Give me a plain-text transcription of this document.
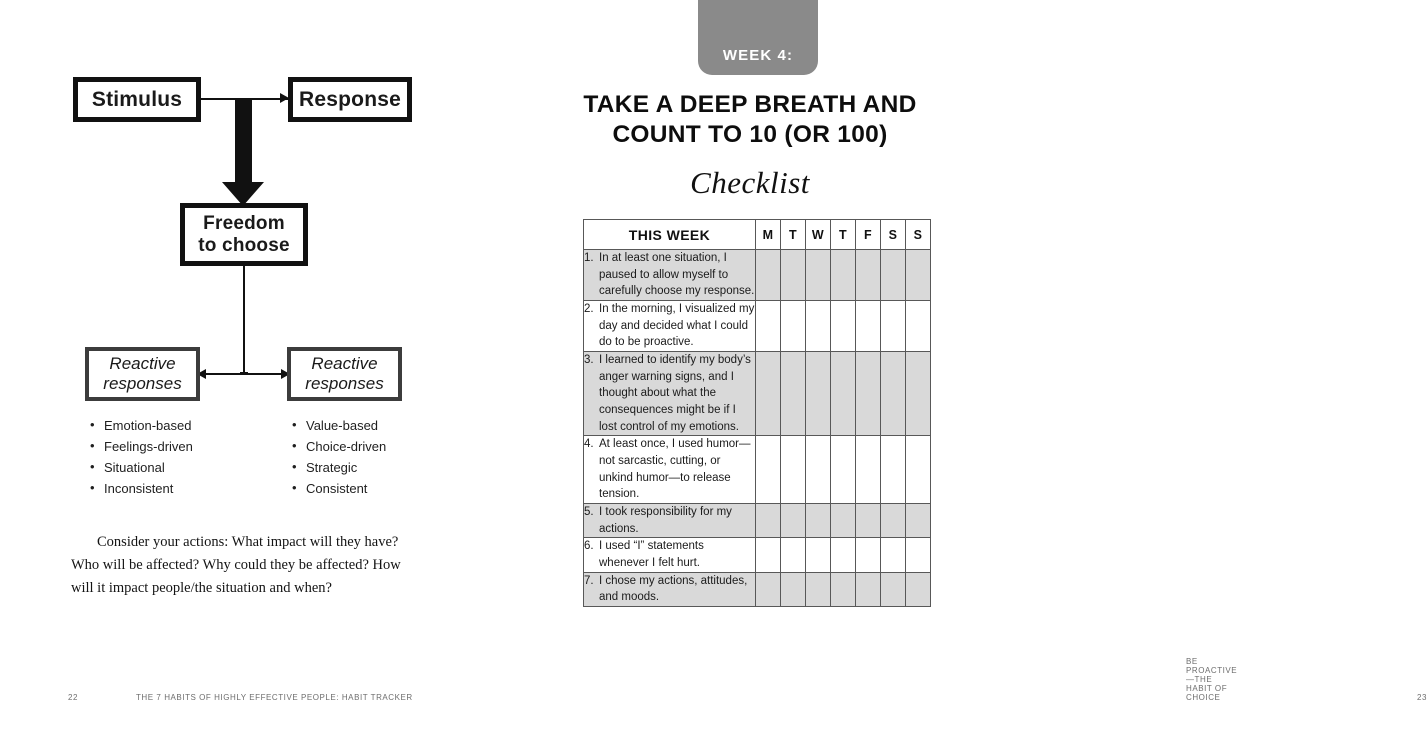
Stimulus	Response
Freedom
to choose
Reactive
responses
Reactive
responses
• Emotion-based
• Feelings-driven
• Situational
• Inconsistent
• Value-based
• Choice-driven
• Strategic
• Consistent

Consider your actions: What impact will they have? Who will be affected? Why could they be affected? How will it impact people/the situation and when?

22	THE 7 HABITS OF HIGHLY EFFECTIVE PEOPLE: HABIT TRACKER
WEEK 4:
TAKE A DEEP BREATH AND
COUNT TO 10 (OR 100)
Checklist
THIS WEEK	M	T	W	T	F	S	S

1. In at least one situation, I paused to allow myself to carefully choose my response.							

2. In the morning, I visualized my day and decided what I could do to be proactive.							

3. I learned to identify my body’s anger warning signs, and I thought about what the consequences might be if I lost control of my emotions.							

4. At least once, I used humor—not sarcastic, cutting, or unkind humor—to release tension.							

5. I took responsibility for my actions.							

6. I used “I” statements whenever I felt hurt.							

7. I chose my actions, attitudes, and moods.							

BE PROACTIVE—THE HABIT OF CHOICE	23
